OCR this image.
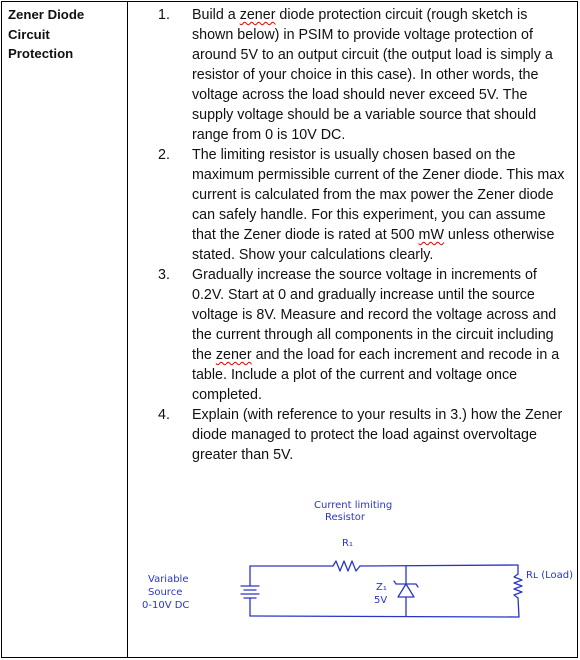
Zener Diode
Circuit
Protection
1.	Build a zener diode protection circuit (rough sketch is shown below) in PSIM to provide voltage protection of around 5V to an output circuit (the output load is simply a resistor of your choice in this case). In other words, the voltage across the load should never exceed 5V. The supply voltage should be a variable source that should range from 0 is 10V DC.
2.	The limiting resistor is usually chosen based on the maximum permissible current of the Zener diode. This max current is calculated from the max power the Zener diode can safely handle. For this experiment, you can assume that the Zener diode is rated at 500 mW unless otherwise stated. Show your calculations clearly.
3.	Gradually increase the source voltage in increments of 0.2V. Start at 0 and gradually increase until the source voltage is 8V. Measure and record the voltage across and the current through all components in the circuit including the zener and the load for each increment and recode in a table. Include a plot of the current and voltage once completed.
4.	Explain (with reference to your results in 3.) how the Zener diode managed to protect the load against overvoltage greater than 5V.
Current limiting
Resistor
R₁
Variable
Source
0-10V DC
Z₁
5V
Rʟ (Load)
